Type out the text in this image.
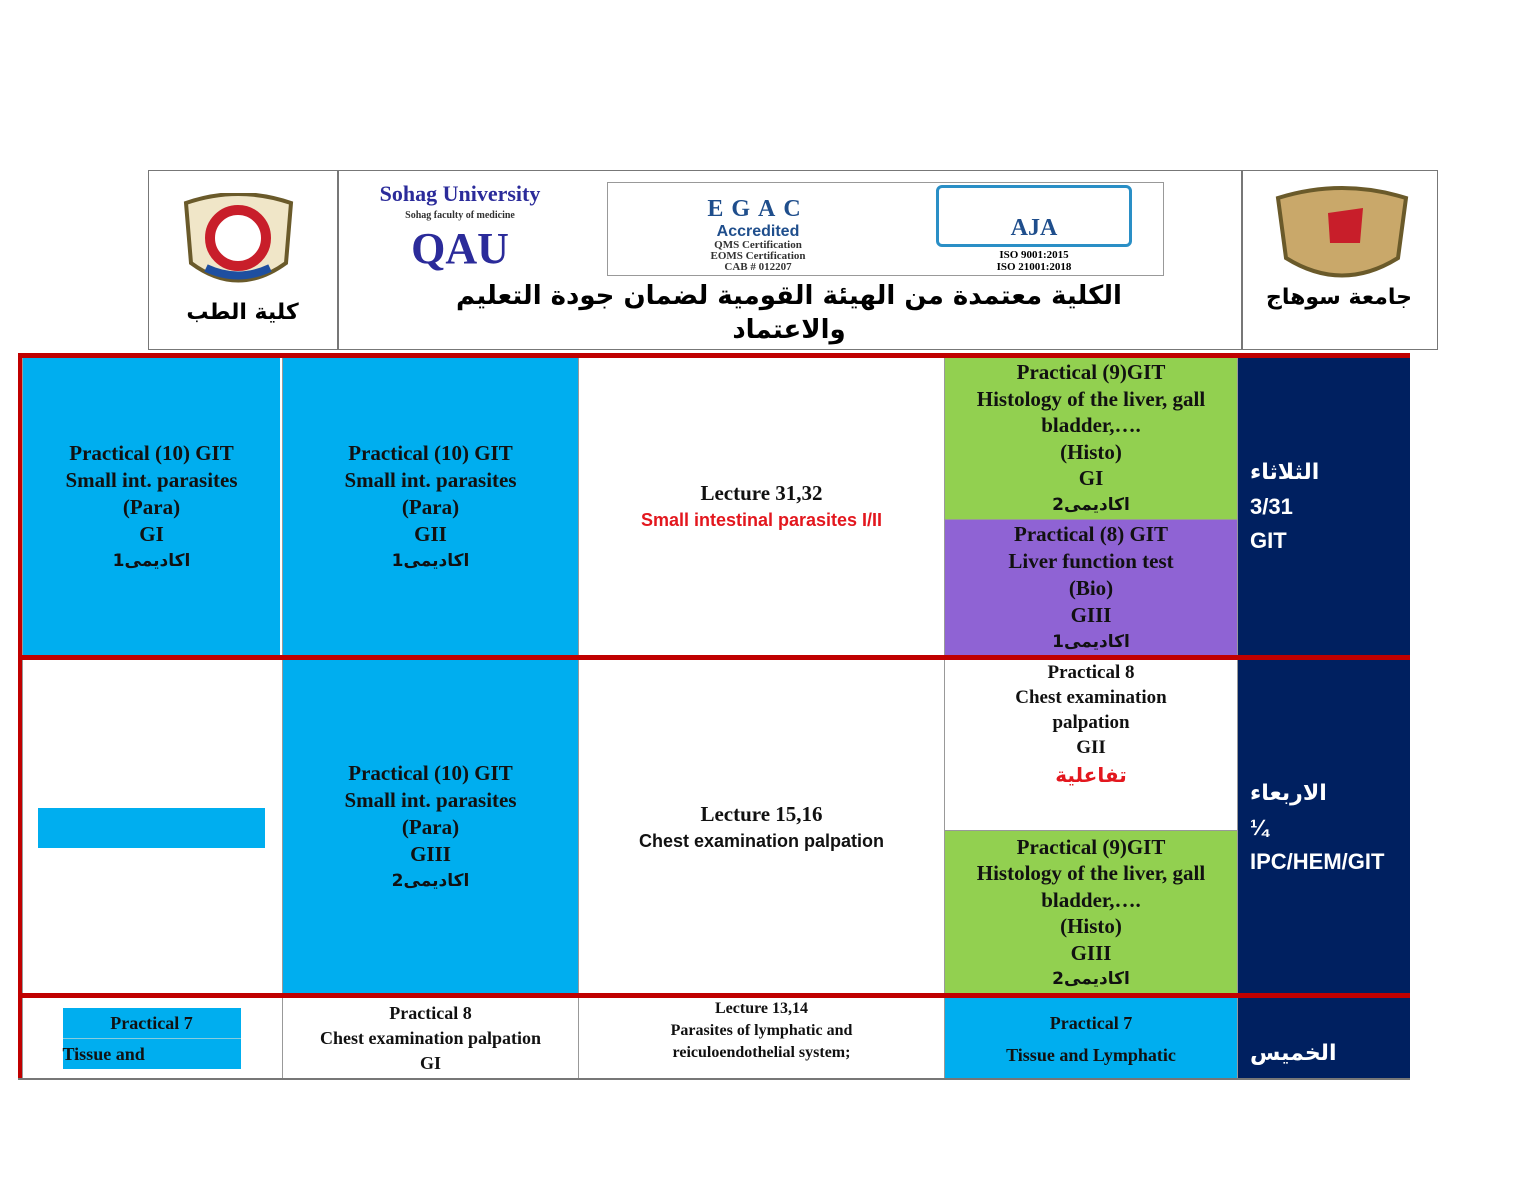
كلية الطب
Sohag University
Sohag faculty of medicine
QAU
EGAC
Accredited
QMS Certification
EOMS Certification
CAB # 012207
AJA
ISO 9001:2015
ISO 21001:2018
الكلية معتمدة من الهيئة القومية لضمان جودة التعليم
والاعتماد
جامعة سوهاج
Practical (10) GIT
Small int. parasites
(Para)
GI
اكاديمى1
Practical (10) GIT
Small int. parasites
(Para)
GII
اكاديمى1
Lecture 31,32
Small intestinal parasites I/II
Practical (9)GIT
Histology of the liver, gall
bladder,….
(Histo)
GI
اكاديمى2
Practical (8) GIT
Liver function test
(Bio)
GIII
اكاديمى1
الثلاثاء
3/31
GIT
Practical (10) GIT
Small int. parasites
(Para)
GIII
اكاديمى2
Lecture 15,16
Chest examination palpation
Practical 8
Chest examination
palpation
GII
تفاعلية
Practical (9)GIT
Histology of the liver, gall
bladder,….
(Histo)
GIII
اكاديمى2
الاربعاء
¼
IPC/HEM/GIT
Practical 7
Tissue and
Practical 8
Chest examination palpation
GI
Lecture 13,14
Parasites of lymphatic and
reiculoendothelial system;
Practical 7
Tissue and Lymphatic	الخميس
